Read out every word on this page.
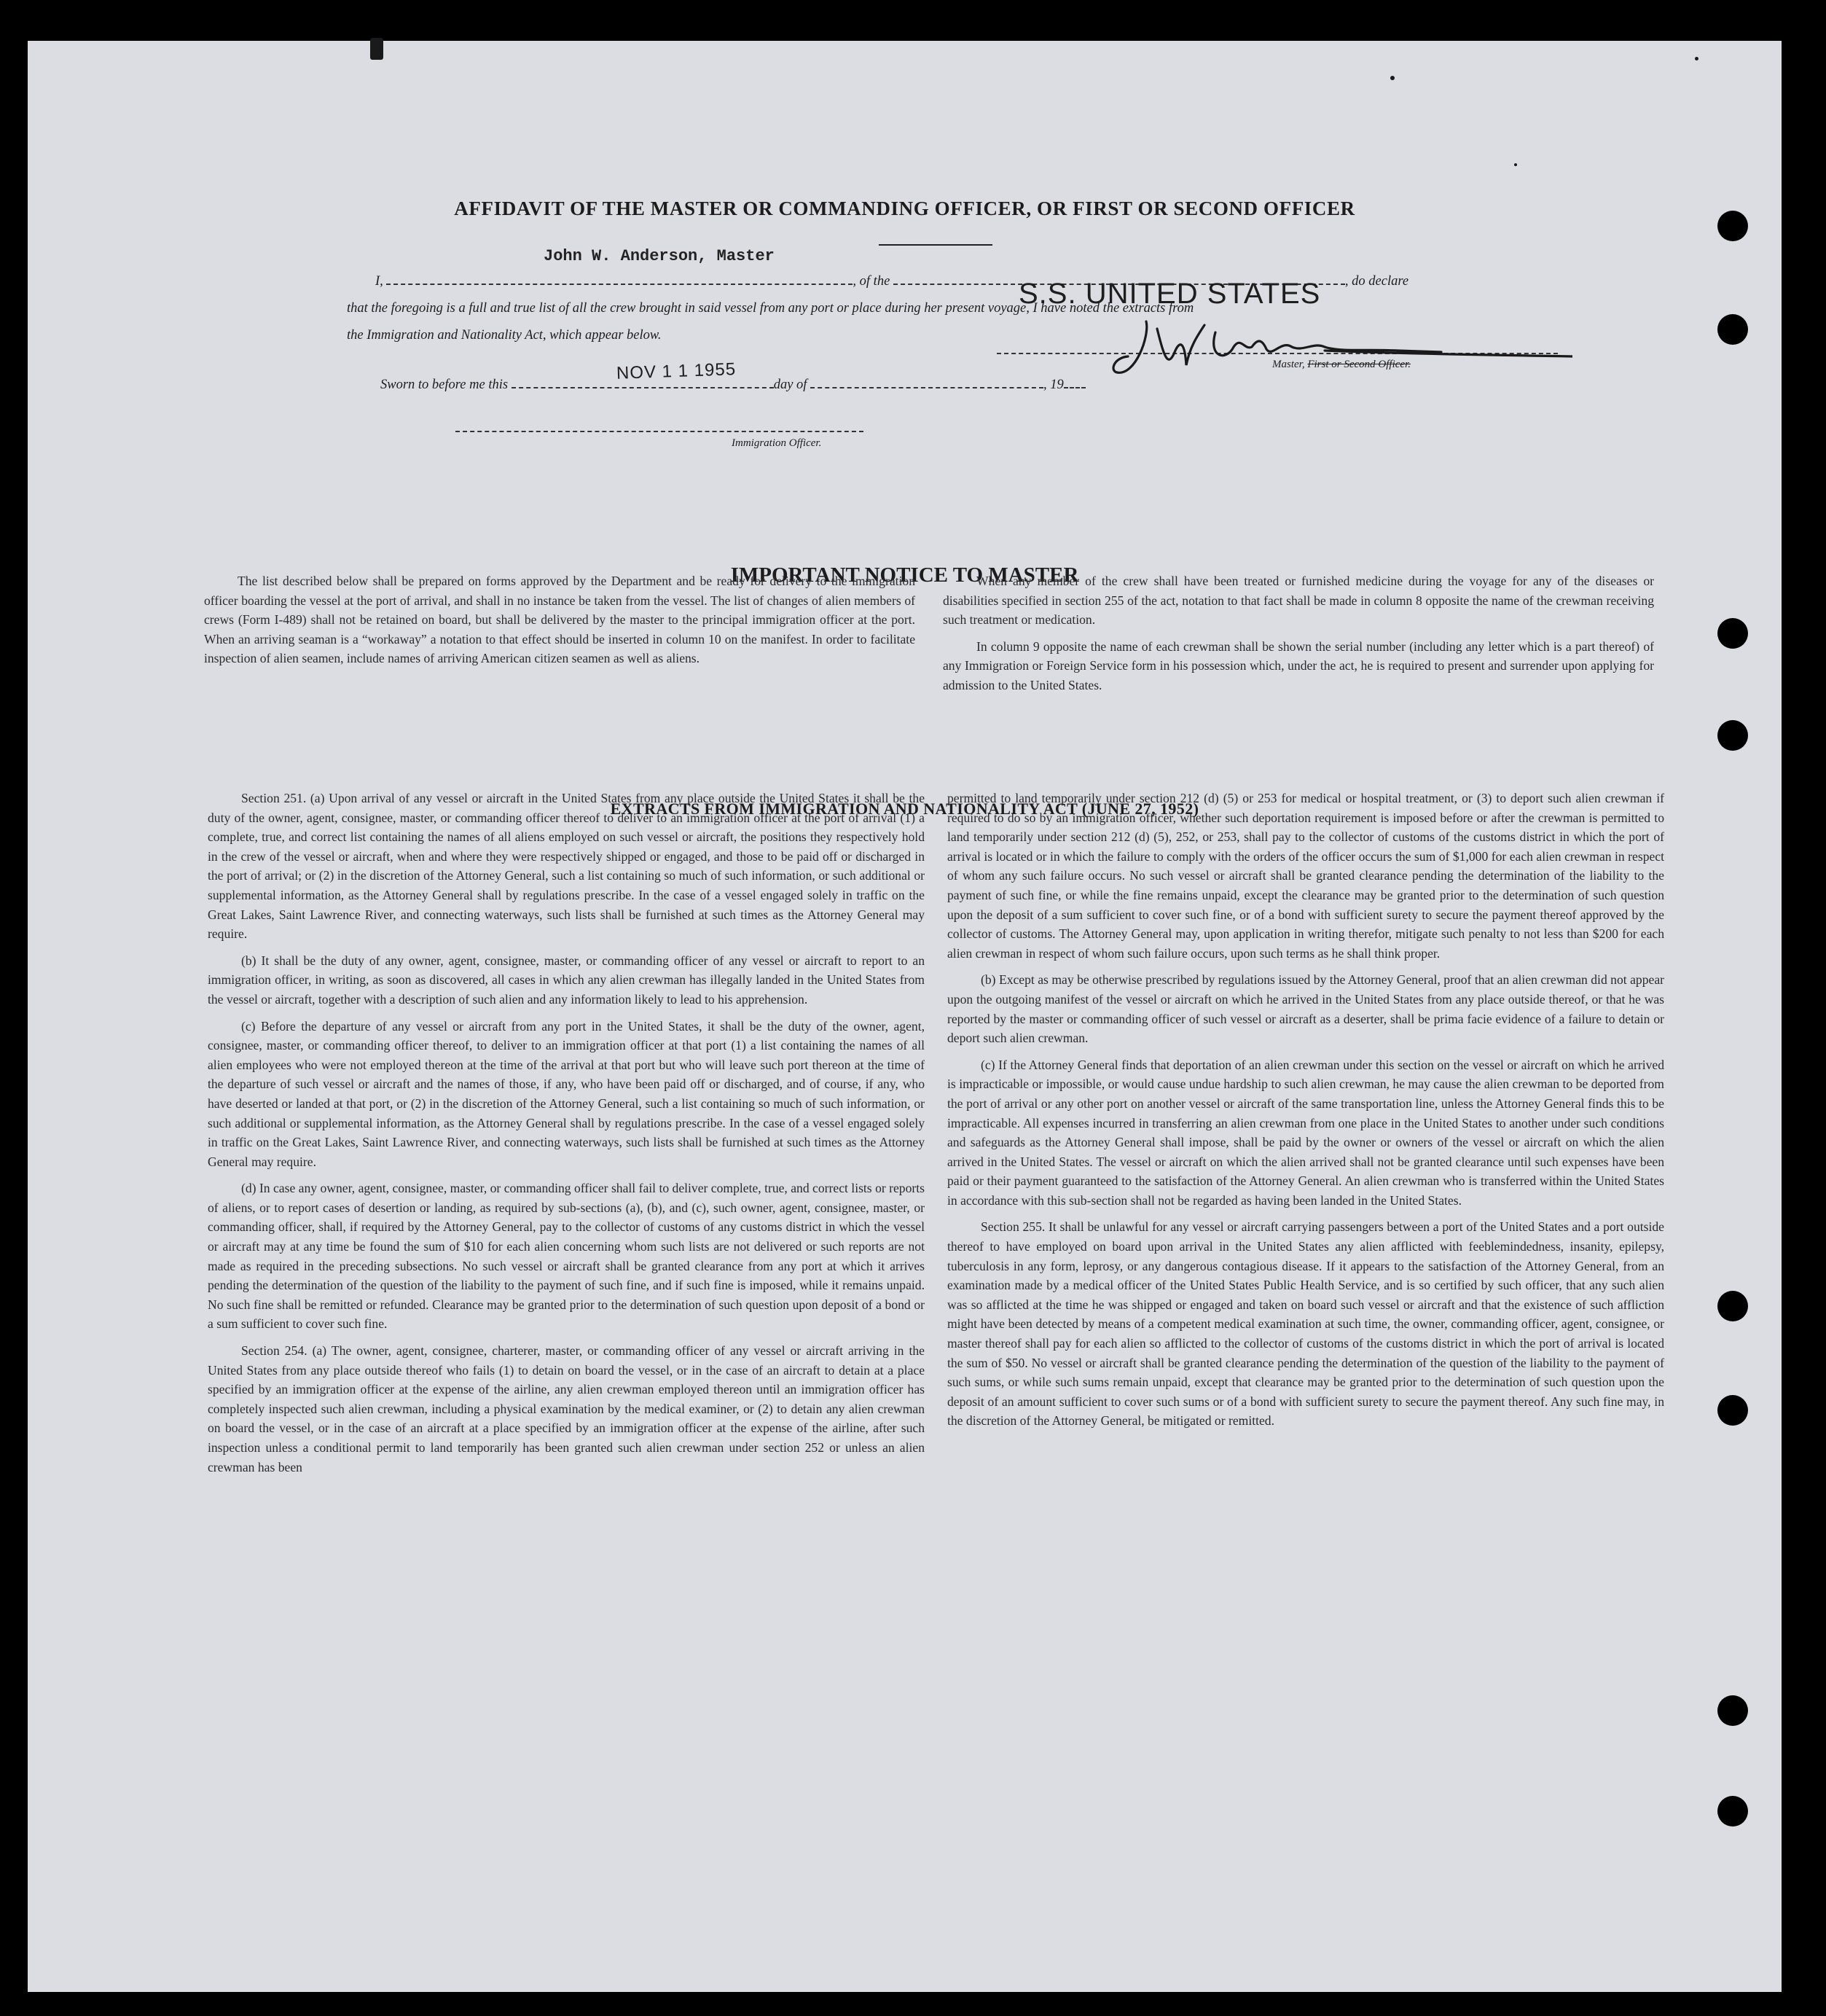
AFFIDAVIT OF THE MASTER OR COMMANDING OFFICER, OR FIRST OR SECOND OFFICER
John W. Anderson, Master
I,	, of the	, do declare
S.S. UNITED STATES
that the foregoing is a full and true list of all the crew brought in said vessel from any port or place during her present voyage, I have noted the extracts from
the Immigration and Nationality Act, which appear below.
Master, First or Second Officer.
NOV 1 1 1955
Sworn to before me this	day of	, 19
Immigration Officer.
IMPORTANT NOTICE TO MASTER

The list described below shall be prepared on forms approved by the Department and be ready for delivery to the immigration officer boarding the vessel at the port of arrival, and shall in no instance be taken from the vessel. The list of changes of alien members of crews (Form I-489) shall not be retained on board, but shall be delivered by the master to the principal immigration officer at the port. When an arriving seaman is a “workaway” a notation to that effect should be inserted in column 10 on the manifest. In order to facilitate inspection of alien seamen, include names of arriving American citizen seamen as well as aliens.

When any member of the crew shall have been treated or furnished medicine during the voyage for any of the diseases or disabilities specified in section 255 of the act, notation to that fact shall be made in column 8 opposite the name of the crewman receiving such treatment or medication.

In column 9 opposite the name of each crewman shall be shown the serial number (including any letter which is a part thereof) of any Immigration or Foreign Service form in his possession which, under the act, he is required to present and surrender upon applying for admission to the United States.

EXTRACTS FROM IMMIGRATION AND NATIONALITY ACT (JUNE 27, 1952)

Section 251. (a) Upon arrival of any vessel or aircraft in the United States from any place outside the United States it shall be the duty of the owner, agent, consignee, master, or commanding officer thereof to deliver to an immigration officer at the port of arrival (1) a complete, true, and correct list containing the names of all aliens employed on such vessel or aircraft, the positions they respectively hold in the crew of the vessel or aircraft, when and where they were respectively shipped or engaged, and those to be paid off or discharged in the port of arrival; or (2) in the discretion of the Attorney General, such a list containing so much of such information, or such additional or supplemental information, as the Attorney General shall by regulations prescribe. In the case of a vessel engaged solely in traffic on the Great Lakes, Saint Lawrence River, and connecting waterways, such lists shall be furnished at such times as the Attorney General may require.

(b) It shall be the duty of any owner, agent, consignee, master, or commanding officer of any vessel or aircraft to report to an immigration officer, in writing, as soon as discovered, all cases in which any alien crewman has illegally landed in the United States from the vessel or aircraft, together with a description of such alien and any information likely to lead to his apprehension.

(c) Before the departure of any vessel or aircraft from any port in the United States, it shall be the duty of the owner, agent, consignee, master, or commanding officer thereof, to deliver to an immigration officer at that port (1) a list containing the names of all alien employees who were not employed thereon at the time of the arrival at that port but who will leave such port thereon at the time of the departure of such vessel or aircraft and the names of those, if any, who have been paid off or discharged, and of course, if any, who have deserted or landed at that port, or (2) in the discretion of the Attorney General, such a list containing so much of such information, or such additional or supplemental information, as the Attorney General shall by regulations prescribe. In the case of a vessel engaged solely in traffic on the Great Lakes, Saint Lawrence River, and connecting waterways, such lists shall be furnished at such times as the Attorney General may require.

(d) In case any owner, agent, consignee, master, or commanding officer shall fail to deliver complete, true, and correct lists or reports of aliens, or to report cases of desertion or landing, as required by sub-sections (a), (b), and (c), such owner, agent, consignee, master, or commanding officer, shall, if required by the Attorney General, pay to the collector of customs of any customs district in which the vessel or aircraft may at any time be found the sum of $10 for each alien concerning whom such lists are not delivered or such reports are not made as required in the preceding subsections. No such vessel or aircraft shall be granted clearance from any port at which it arrives pending the determination of the question of the liability to the payment of such fine, and if such fine is imposed, while it remains unpaid. No such fine shall be remitted or refunded. Clearance may be granted prior to the determination of such question upon deposit of a bond or a sum sufficient to cover such fine.

Section 254. (a) The owner, agent, consignee, charterer, master, or commanding officer of any vessel or aircraft arriving in the United States from any place outside thereof who fails (1) to detain on board the vessel, or in the case of an aircraft to detain at a place specified by an immigration officer at the expense of the airline, any alien crewman employed thereon until an immigration officer has completely inspected such alien crewman, including a physical examination by the medical examiner, or (2) to detain any alien crewman on board the vessel, or in the case of an aircraft at a place specified by an immigration officer at the expense of the airline, after such inspection unless a conditional permit to land temporarily has been granted such alien crewman under section 252 or unless an alien crewman has been

permitted to land temporarily under section 212 (d) (5) or 253 for medical or hospital treatment, or (3) to deport such alien crewman if required to do so by an immigration officer, whether such deportation requirement is imposed before or after the crewman is permitted to land temporarily under section 212 (d) (5), 252, or 253, shall pay to the collector of customs of the customs district in which the port of arrival is located or in which the failure to comply with the orders of the officer occurs the sum of $1,000 for each alien crewman in respect of whom any such failure occurs. No such vessel or aircraft shall be granted clearance pending the determination of the liability to the payment of such fine, or while the fine remains unpaid, except the clearance may be granted prior to the determination of such question upon the deposit of a sum sufficient to cover such fine, or of a bond with sufficient surety to secure the payment thereof approved by the collector of customs. The Attorney General may, upon application in writing therefor, mitigate such penalty to not less than $200 for each alien crewman in respect of whom such failure occurs, upon such terms as he shall think proper.

(b) Except as may be otherwise prescribed by regulations issued by the Attorney General, proof that an alien crewman did not appear upon the outgoing manifest of the vessel or aircraft on which he arrived in the United States from any place outside thereof, or that he was reported by the master or commanding officer of such vessel or aircraft as a deserter, shall be prima facie evidence of a failure to detain or deport such alien crewman.

(c) If the Attorney General finds that deportation of an alien crewman under this section on the vessel or aircraft on which he arrived is impracticable or impossible, or would cause undue hardship to such alien crewman, he may cause the alien crewman to be deported from the port of arrival or any other port on another vessel or aircraft of the same transportation line, unless the Attorney General finds this to be impracticable. All expenses incurred in transferring an alien crewman from one place in the United States to another under such conditions and safeguards as the Attorney General shall impose, shall be paid by the owner or owners of the vessel or aircraft on which the alien arrived in the United States. The vessel or aircraft on which the alien arrived shall not be granted clearance until such expenses have been paid or their payment guaranteed to the satisfaction of the Attorney General. An alien crewman who is transferred within the United States in accordance with this sub-section shall not be regarded as having been landed in the United States.

Section 255. It shall be unlawful for any vessel or aircraft carrying passengers between a port of the United States and a port outside thereof to have employed on board upon arrival in the United States any alien afflicted with feeblemindedness, insanity, epilepsy, tuberculosis in any form, leprosy, or any dangerous contagious disease. If it appears to the satisfaction of the Attorney General, from an examination made by a medical officer of the United States Public Health Service, and is so certified by such officer, that any such alien was so afflicted at the time he was shipped or engaged and taken on board such vessel or aircraft and that the existence of such affliction might have been detected by means of a competent medical examination at such time, the owner, commanding officer, agent, consignee, or master thereof shall pay for each alien so afflicted to the collector of customs of the customs district in which the port of arrival is located the sum of $50. No vessel or aircraft shall be granted clearance pending the determination of the question of the liability to the payment of such sums, or while such sums remain unpaid, except that clearance may be granted prior to the determination of such question upon the deposit of an amount sufficient to cover such sums or of a bond with sufficient surety to secure the payment thereof. Any such fine may, in the discretion of the Attorney General, be mitigated or remitted.
